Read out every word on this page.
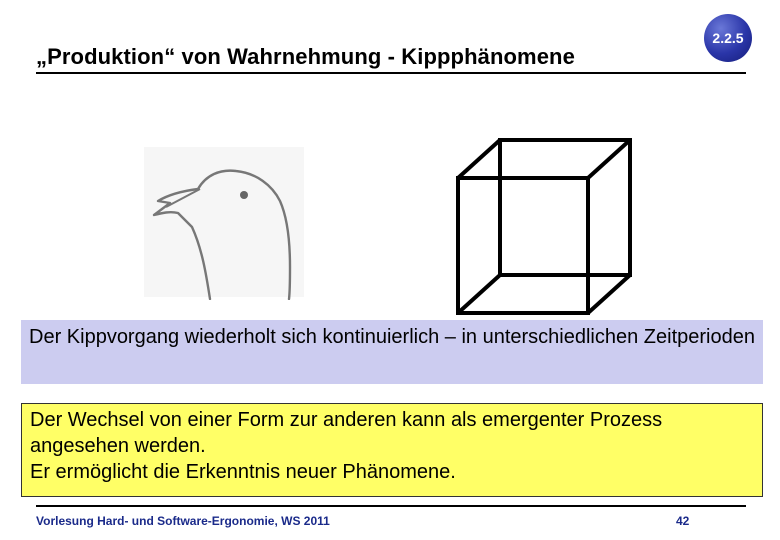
„Produktion“ von Wahrnehmung - Kippphänomene
2.2.5

Der Kippvorgang wiederholt sich kontinuierlich – in unterschiedlichen Zeitperioden

Der Wechsel von einer Form zur anderen kann als emergenter Prozess angesehen werden.

Er ermöglicht die Erkenntnis neuer Phänomene.

Vorlesung Hard- und Software-Ergonomie, WS 2011	42
